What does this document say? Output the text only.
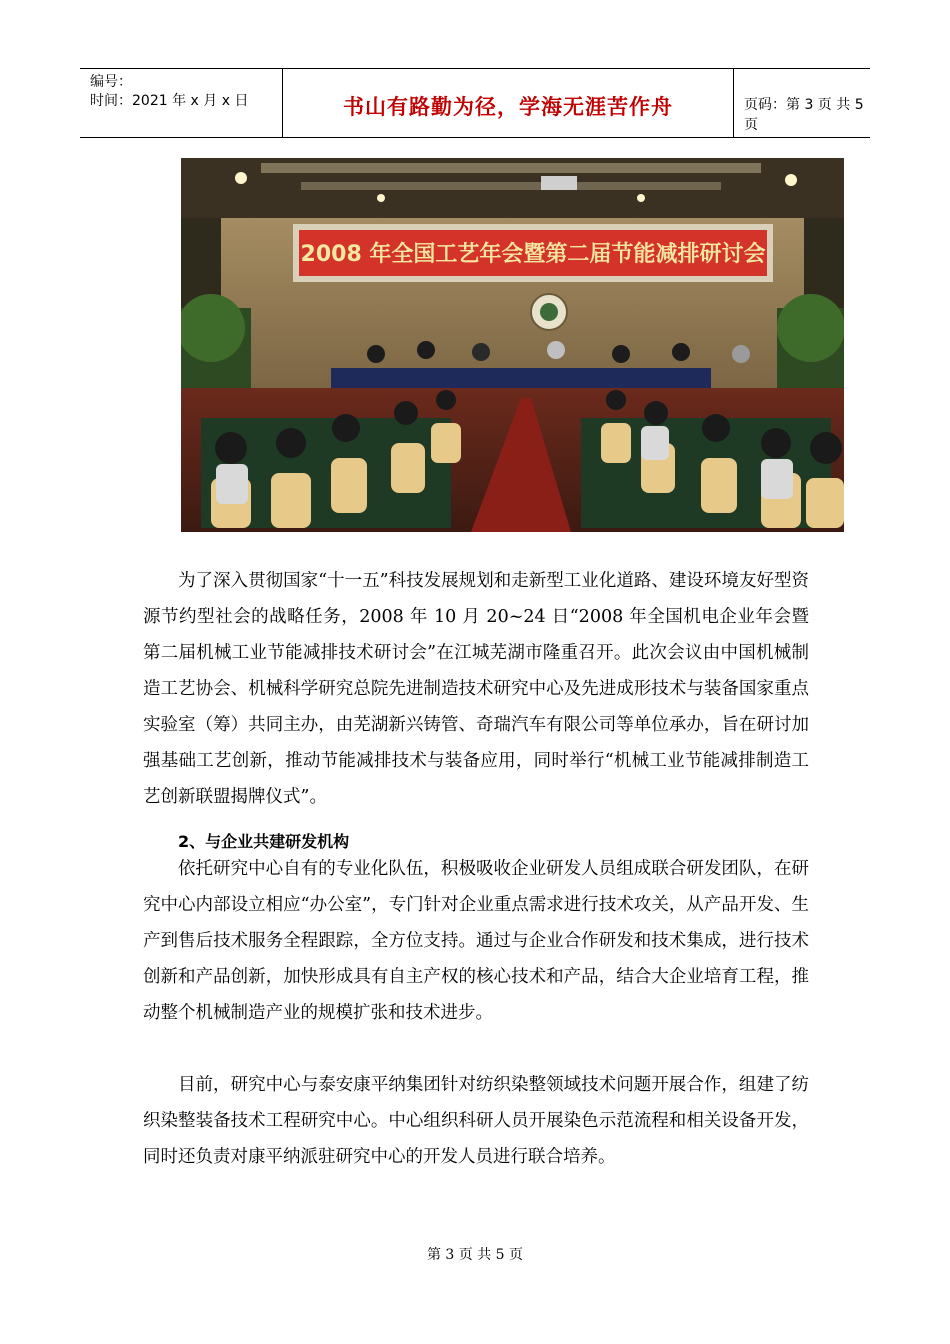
编号：
时间：2021 年 x 月 x 日	书山有路勤为径，学海无涯苦作舟	页码：第 3 页 共 5 页
2008 年全国工艺年会暨第二届节能减排研讨会

为了深入贯彻国家“十一五”科技发展规划和走新型工业化道路、建设环境友好型资源节约型社会的战略任务，2008 年 10 月 20~24 日“2008 年全国机电企业年会暨第二届机械工业节能减排技术研讨会”在江城芜湖市隆重召开。此次会议由中国机械制造工艺协会、机械科学研究总院先进制造技术研究中心及先进成形技术与装备国家重点实验室（筹）共同主办，由芜湖新兴铸管、奇瑞汽车有限公司等单位承办，旨在研讨加强基础工艺创新，推动节能减排技术与装备应用，同时举行“机械工业节能减排制造工艺创新联盟揭牌仪式”。

2、与企业共建研发机构

依托研究中心自有的专业化队伍，积极吸收企业研发人员组成联合研发团队，在研究中心内部设立相应“办公室”，专门针对企业重点需求进行技术攻关，从产品开发、生产到售后技术服务全程跟踪，全方位支持。通过与企业合作研发和技术集成，进行技术创新和产品创新，加快形成具有自主产权的核心技术和产品，结合大企业培育工程，推动整个机械制造产业的规模扩张和技术进步。

目前，研究中心与泰安康平纳集团针对纺织染整领域技术问题开展合作，组建了纺织染整装备技术工程研究中心。中心组织科研人员开展染色示范流程和相关设备开发，同时还负责对康平纳派驻研究中心的开发人员进行联合培养。

第 3 页 共 5 页
